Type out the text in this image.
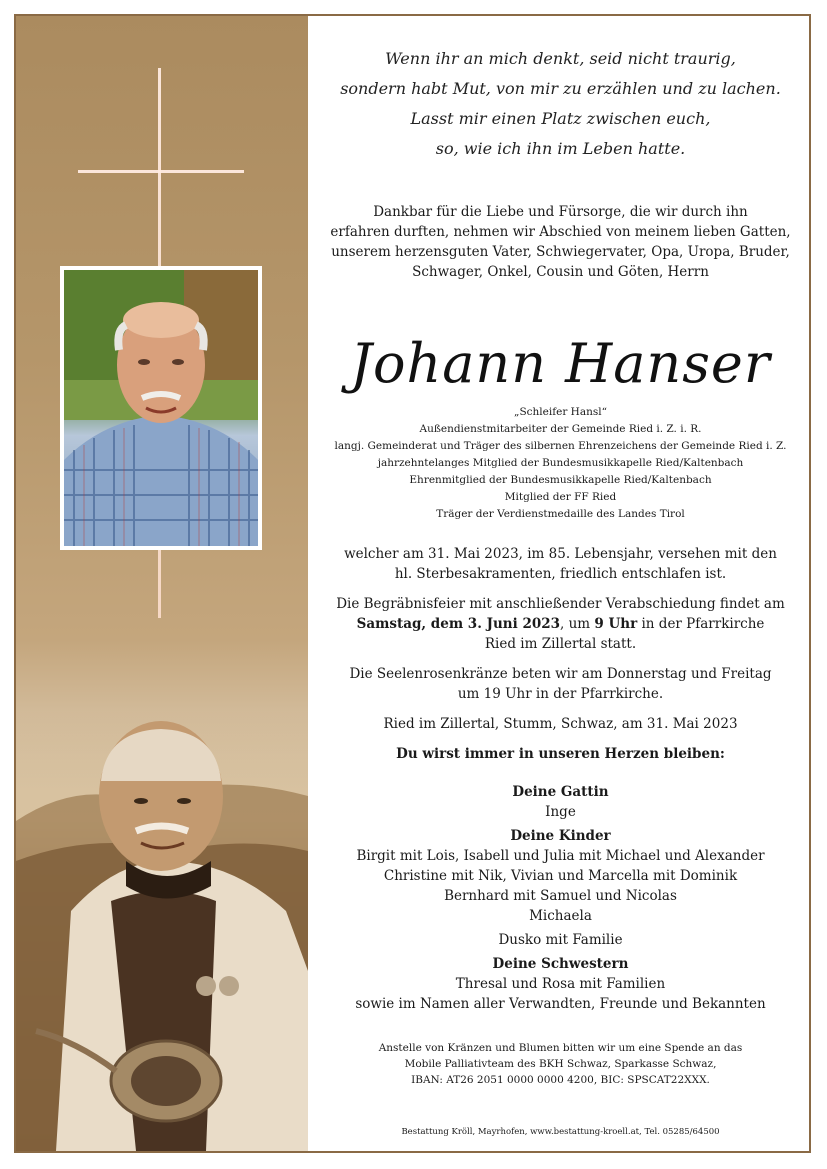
Wenn ihr an mich denkt, seid nicht traurig,
sondern habt Mut, von mir zu erzählen und zu lachen.
Lasst mir einen Platz zwischen euch,
so, wie ich ihn im Leben hatte.
Dankbar für die Liebe und Fürsorge, die wir durch ihn
erfahren durften, nehmen wir Abschied von meinem lieben Gatten,
unserem herzensguten Vater, Schwiegervater, Opa, Uropa, Bruder,
Schwager, Onkel, Cousin und Göten, Herrn
Johann Hanser
„Schleifer Hansl“
Außendienstmitarbeiter der Gemeinde Ried i. Z. i. R.
langj. Gemeinderat und Träger des silbernen Ehrenzeichens der Gemeinde Ried i. Z.
jahrzehntelanges Mitglied der Bundesmusikkapelle Ried/Kaltenbach
Ehrenmitglied der Bundesmusikkapelle Ried/Kaltenbach
Mitglied der FF Ried
Träger der Verdienstmedaille des Landes Tirol

welcher am 31. Mai 2023, im 85. Lebensjahr, versehen mit den
hl. Sterbesakramenten, friedlich entschlafen ist.

Die Begräbnisfeier mit anschließender Verabschiedung findet am
Samstag, dem 3. Juni 2023, um 9 Uhr in der Pfarrkirche
Ried im Zillertal statt.

Die Seelenrosenkränze beten wir am Donnerstag und Freitag
um 19 Uhr in der Pfarrkirche.

Ried im Zillertal, Stumm, Schwaz, am 31. Mai 2023

Du wirst immer in unseren Herzen bleiben:

Deine Gattin
Inge
Deine Kinder
Birgit mit Lois, Isabell und Julia mit Michael und Alexander
Christine mit Nik, Vivian und Marcella mit Dominik
Bernhard mit Samuel und Nicolas
Michaela
Dusko mit Familie
Deine Schwestern
Thresal und Rosa mit Familien
sowie im Namen aller Verwandten, Freunde und Bekannten
Anstelle von Kränzen und Blumen bitten wir um eine Spende an das
Mobile Palliativteam des BKH Schwaz, Sparkasse Schwaz,
IBAN: AT26 2051 0000 0000 4200, BIC: SPSCAT22XXX.
Bestattung Kröll, Mayrhofen, www.bestattung-kroell.at, Tel. 05285/64500
